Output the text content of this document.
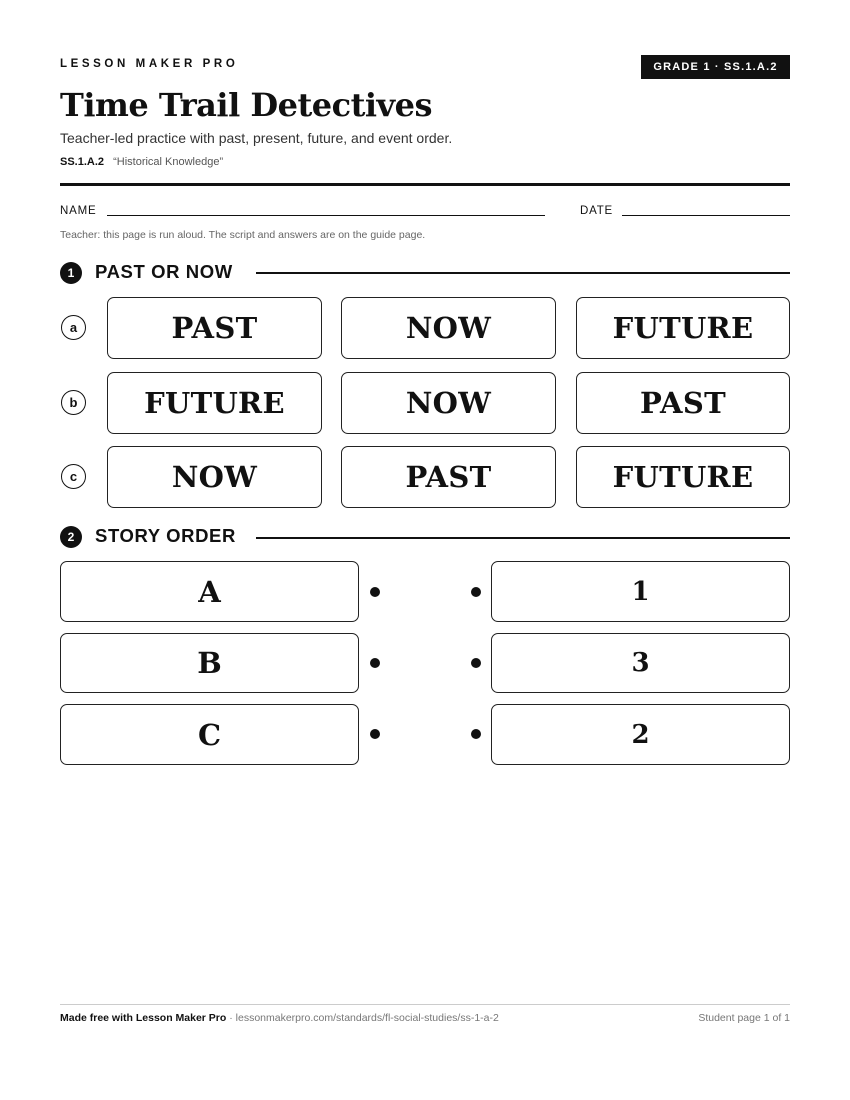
LESSON MAKER PRO	GRADE 1 · SS.1.A.2
Time Trail Detectives
Teacher-led practice with past, present, future, and event order.
SS.1.A.2 “Historical Knowledge”
NAME	DATE
Teacher: this page is run aloud. The script and answers are on the guide page.
1	PAST OR NOW
a	PAST	NOW	FUTURE
b	FUTURE	NOW	PAST
c	NOW	PAST	FUTURE
2	STORY ORDER
A	1
B	3
C	2
Made free with Lesson Maker Pro · lessonmakerpro.com/standards/fl-social-studies/ss-1-a-2	Student page 1 of 1
